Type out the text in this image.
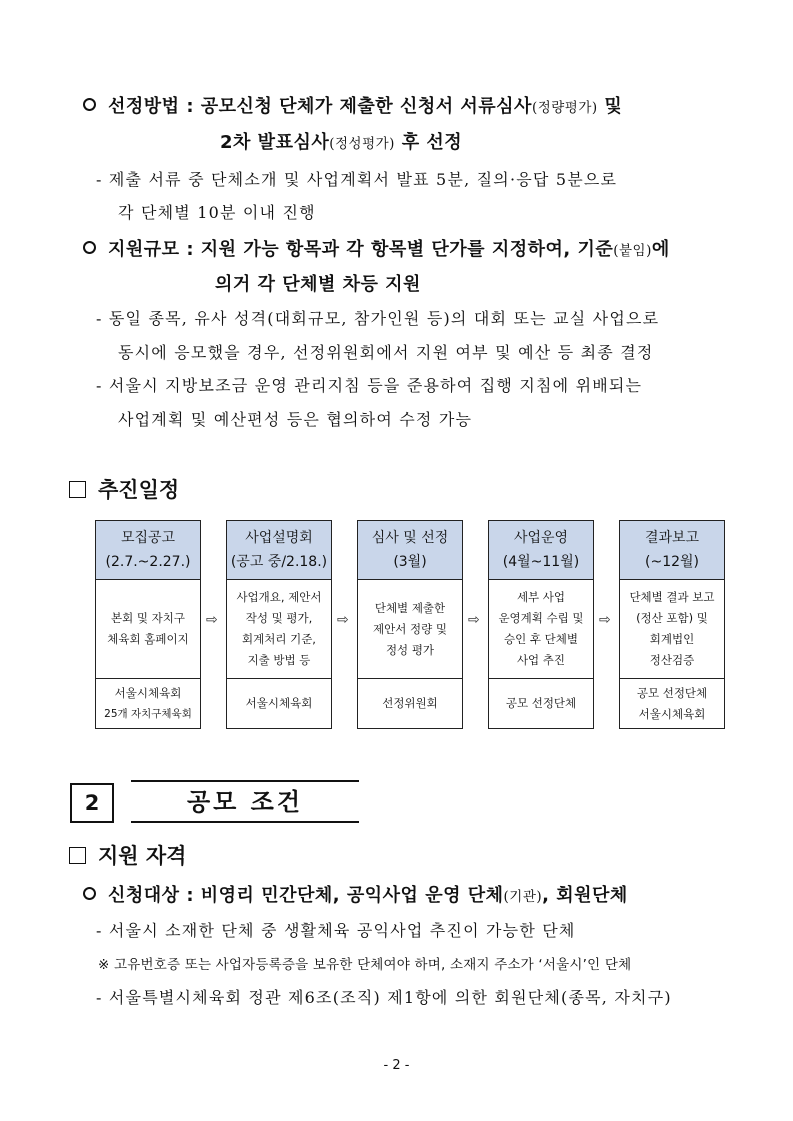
선정방법 : 공모신청 단체가 제출한 신청서 서류심사(정량평가) 및
2차 발표심사(정성평가) 후 선정
- 제출 서류 중 단체소개 및 사업계획서 발표 5분, 질의·응답 5분으로
각 단체별 10분 이내 진행
지원규모 : 지원 가능 항목과 각 항목별 단가를 지정하여, 기준(붙임)에
의거 각 단체별 차등 지원
- 동일 종목, 유사 성격(대회규모, 참가인원 등)의 대회 또는 교실 사업으로
동시에 응모했을 경우, 선정위원회에서 지원 여부 및 예산 등 최종 결정
- 서울시 지방보조금 운영 관리지침 등을 준용하여 집행 지침에 위배되는
사업계획 및 예산편성 등은 협의하여 수정 가능
추진일정
모집공고
(2.7.~2.27.)
본회 및 자치구
체육회 홈페이지
서울시체육회
25개 자치구체육회
⇨
사업설명회
(공고 중/2.18.)
사업개요, 제안서
작성 및 평가,
회계처리 기준,
지출 방법 등
서울시체육회
⇨
심사 및 선정
(3월)
단체별 제출한
제안서 정량 및
정성 평가
선정위원회
⇨
사업운영
(4월~11월)
세부 사업
운영계획 수립 및
승인 후 단체별
사업 추진
공모 선정단체
⇨
결과보고
(~12월)
단체별 결과 보고
(정산 포함) 및
회계법인
정산검증
공모 선정단체
서울시체육회
2	공모 조건
지원 자격
신청대상 : 비영리 민간단체, 공익사업 운영 단체(기관), 회원단체
- 서울시 소재한 단체 중 생활체육 공익사업 추진이 가능한 단체
※ 고유번호증 또는 사업자등록증을 보유한 단체여야 하며, 소재지 주소가 ‘서울시’인 단체
- 서울특별시체육회 정관 제6조(조직) 제1항에 의한 회원단체(종목, 자치구)
- 2 -
